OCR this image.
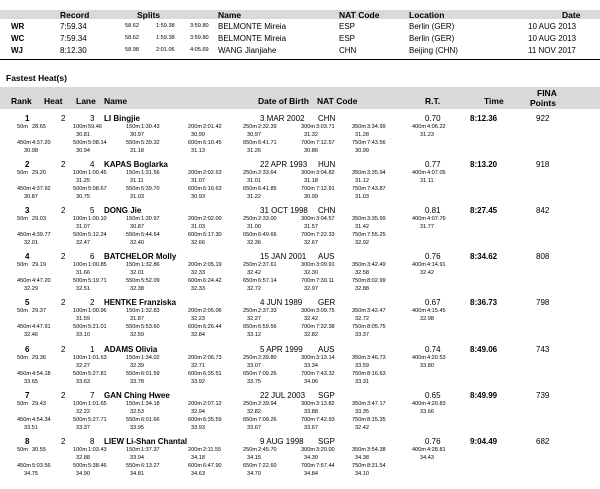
Record	Splits	Name	NAT Code	Location	Date
WR	7:59.34	58.62	1:59.38	3:59.80 BELMONTE Mireia	ESP	Berlin (GER)	10 AUG 2013
WC	7:59.34	58.62	1:59.38	3:59.80 BELMONTE Mireia	ESP	Berlin (GER)	10 AUG 2013
WJ	8:12.30	58.98	2:01.06	4:05.69 WANG Jianjiahe	CHN	Beijing (CHN)	11 NOV 2017
Fastest Heat(s)
Rank Heat Lane Name	Date of Birth NAT Code	R.T.	Time
FINA
Points
1	2	3 LI Bingjie	3 MAR 2002 CHN	0.70	8:12.36	922
50m 28.65	100m 59.46	150m 1:30.43	200m 2:01.42	250m 2:32.39	300m 3:03.71	350m 3:34.99	400m 4:06.22
30.81	30.97	30.99	30.97	31.32	31.28	31.23
450m 4:37.20	500m 5:08.14	550m 5:39.32	600m 6:10.45	650m 6:41.71	700m 7:12.57	750m 7:43.56
30.98	30.94	31.18	31.13	31.26	30.86	30.99
2	2	4 KAPAS Boglarka	22 APR 1993 HUN	0.77	8:13.20	918
50m 29.20	100m 1:00.45	150m 1:31.56	200m 2:02.63	250m 2:33.64	300m 3:04.82	350m 3:35.94	400m 4:07.05
31.25	31.11	31.07	31.01	31.18	31.12	31.11
450m 4:37.92	500m 5:08.67	550m 5:39.70	600m 6:10.63	650m 6:41.85	700m 7:12.91	750m 7:43.87
30.87	30.75	31.03	30.93	31.22	30.99	31.03
3	2	5 DONG Jie	31 OCT 1998 CHN	0.81	8:27.45	842
50m 29.03	100m 1:00.10	150m 1:30.97	200m 2:02.00	250m 2:33.00	300m 3:04.57	350m 3:35.99	400m 4:07.76
31.07	30.87	31.03	31.00	31.57	31.42	31.77
450m 4:39.77	500m 5:12.24	550m 5:44.64	600m 6:17.30	650m 6:49.66	700m 7:22.33	750m 7:55.25
32.01	32.47	32.40	32.66	32.36	32.67	32.92
4	2	6 BATCHELOR Molly	15 JAN 2001 AUS	0.76	8:34.62	808
50m 29.19	100m 1:00.85	150m 1:32.86	200m 2:05.19	250m 2:37.61	300m 3:09.91	350m 3:42.49	400m 4:14.91
31.66	32.01	32.33	32.42	32.30	32.58	32.42
450m 4:47.20	500m 5:19.71	550m 5:52.09	600m 6:24.42	650m 6:57.14	700m 7:30.11	750m 8:02.99
32.29	32.51	32.38	32.33	32.72	32.97	32.88
5	2	2 HENTKE Franziska	4 JUN 1989 GER	0.67	8:36.73	798
50m 29.37	100m 1:00.96	150m 1:32.83	200m 2:05.06	250m 2:37.33	300m 3:09.75	350m 3:42.47	400m 4:15.45
31.59	31.87	32.23	32.27	32.42	32.72	32.98
450m 4:47.91	500m 5:21.01	550m 5:53.60	600m 6:26.44	650m 6:59.56	700m 7:32.38	750m 8:05.75
32.46	33.10	32.59	32.84	33.12	32.82	33.37
6	2	1 ADAMS Olivia	5 APR 1999 AUS	0.74	8:49.06	743
50m 29.36	100m 1:01.63	150m 1:34.02	200m 2:06.73	250m 2:39.80	300m 3:13.14	350m 3:46.73	400m 4:20.53
32.27	32.39	32.71	33.07	33.34	33.59	33.80
450m 4:54.18	500m 5:27.81	550m 6:01.59	600m 6:35.51	650m 7:09.26	700m 7:43.32	750m 8:16.63
33.65	33.63	33.78	33.92	33.75	34.06	33.31
7	2	7 GAN Ching Hwee	22 JUL 2003 SGP	0.65	8:49.99	739
50m 29.43	100m 1:01.65	150m 1:34.18	200m 2:07.12	250m 2:39.94	300m 3:13.82	350m 3:47.17	400m 4:20.83
32.22	32.53	32.94	32.82	33.88	33.35	33.66
450m 4:54.34	500m 5:27.71	550m 6:01.66	600m 6:35.59	650m 7:09.26	700m 7:42.93	750m 8:15.35
33.51	33.37	33.95	33.93	33.67	33.67	32.42
8	2	8 LIEW Li-Shan Chantal	9 AUG 1998 SGP	0.76	9:04.49	682
50m 30.55	100m 1:03.43	150m 1:37.37	200m 2:11.55	250m 2:45.70	300m 3:20.00	350m 3:54.38	400m 4:28.81
32.88	33.94	34.18	34.15	34.30	34.38	34.43
450m 5:03.56	500m 5:38.46	550m 6:13.27	600m 6:47.90	650m 7:22.60	700m 7:57.44	750m 8:31.54
34.75	34.90	34.81	34.63	34.70	34.84	34.10
